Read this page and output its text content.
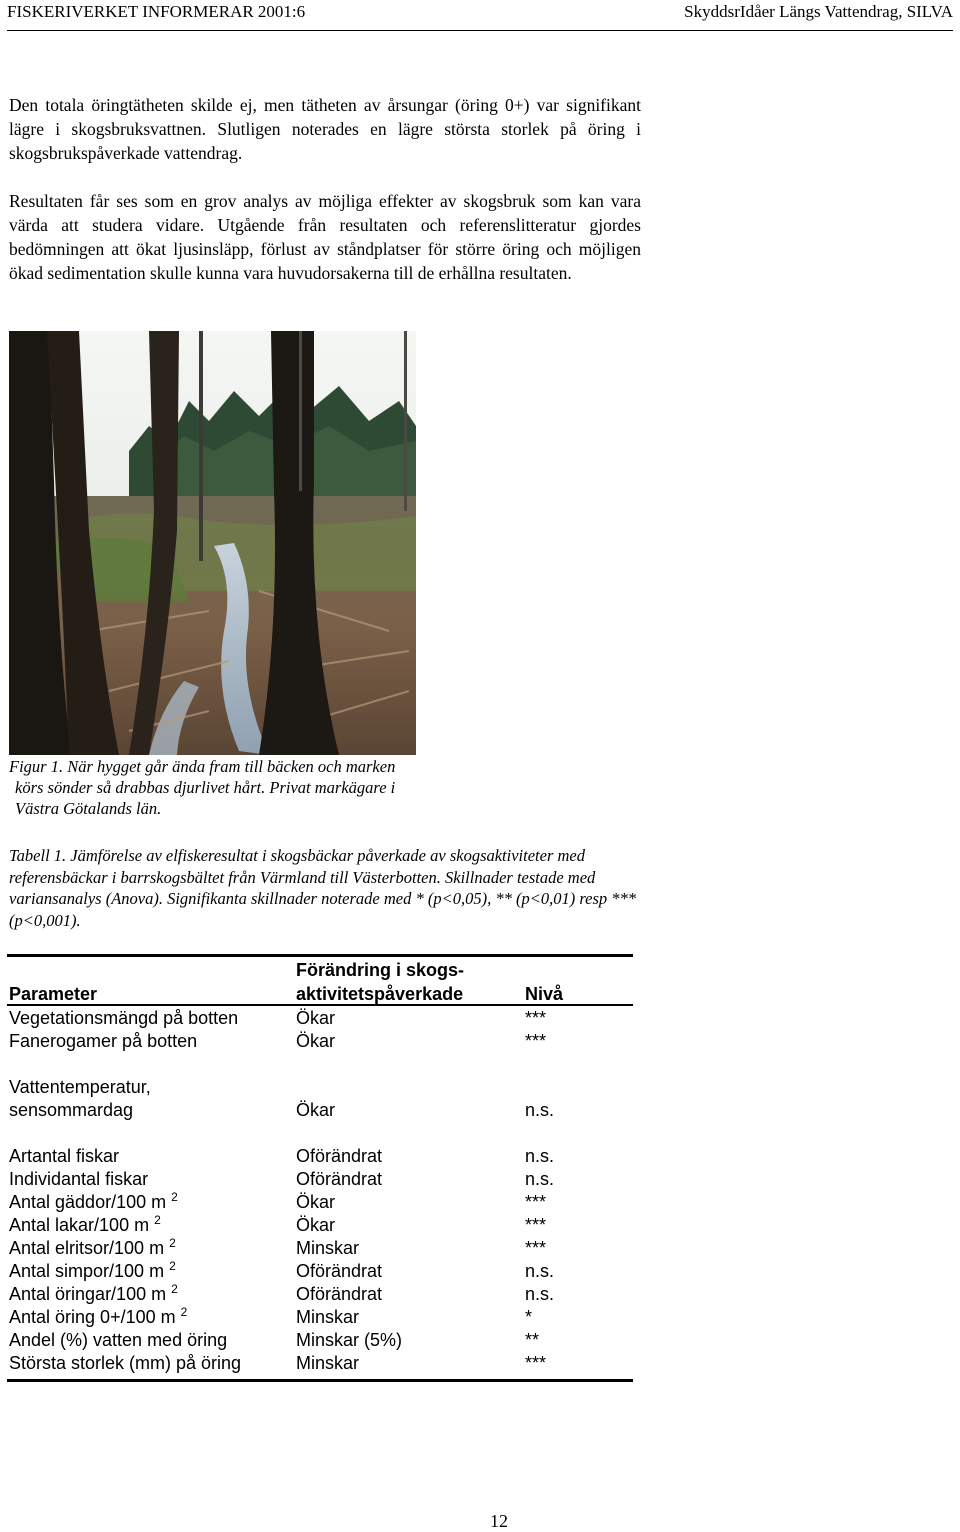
FISKERIVERKET INFORMERAR 2001:6	SkyddsrIdåer Längs Vattendrag, SILVA
Den totala öringtätheten skilde ej, men tätheten av årsungar (öring 0+) var signifikant lägre i skogsbruksvattnen. Slutligen noterades en lägre största storlek på öring i skogsbrukspåverkade vattendrag.
Resultaten får ses som en grov analys av möjliga effekter av skogsbruk som kan vara värda att studera vidare. Utgående från resultaten och referenslitteratur gjordes bedömningen att ökat ljusinsläpp, förlust av ståndplatser för större öring och möjligen ökad sedimentation skulle kunna vara huvudorsakerna till de erhållna resultaten.
Figur 1. När hygget går ända fram till bäcken och marken
körs sönder så drabbas djurlivet hårt. Privat markägare i
Västra Götalands län.
Tabell 1. Jämförelse av elfiskeresultat i skogsbäckar påverkade av skogsaktiviteter med referensbäckar i barrskogsbältet från Värmland till Västerbotten. Skillnader testade med variansanalys (Anova). Signifikanta skillnader noterade med * (p<0,05), ** (p<0,01) resp *** (p<0,001).
Förändring i skogs-
Parameter	aktivitetspåverkade	Nivå
Vegetationsmängd på botten	Ökar	***
Fanerogamer på botten	Ökar	***
Vattentemperatur,
sensommardag	Ökar	n.s.
Artantal fiskar	Oförändrat	n.s.
Individantal fiskar	Oförändrat	n.s.
Antal gäddor/100 m $^2$	Ökar	***
Antal lakar/100 m $^2$	Ökar	***
Antal elritsor/100 m $^2$	Minskar	***
Antal simpor/100 m $^2$	Oförändrat	n.s.
Antal öringar/100 m $^2$	Oförändrat	n.s.
Antal öring 0+/100 m $^2$	Minskar	*
Andel (%) vatten med öring	Minskar (5%)	**
Största storlek (mm) på öring	Minskar	***
12
